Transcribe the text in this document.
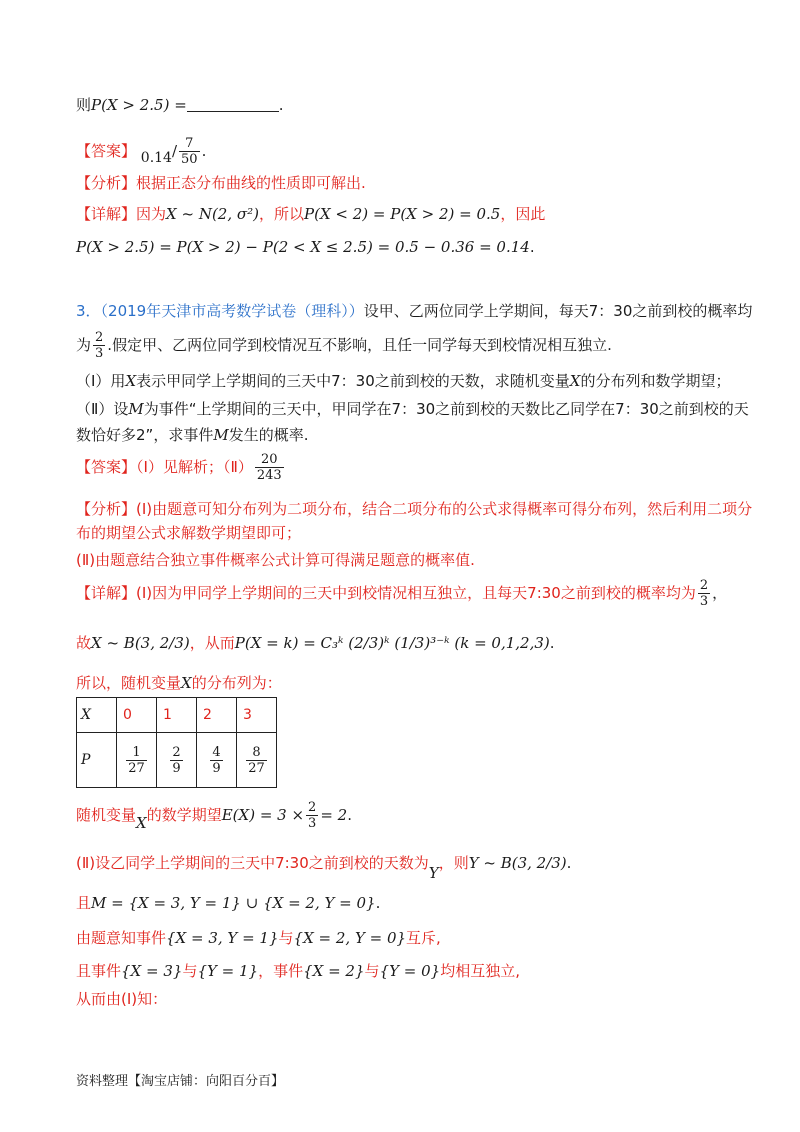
则P(X > 2.5) =	.
【答案】 $0.14/ \frac{7}{50}$ .
【分析】根据正态分布曲线的性质即可解出.
【详解】因为X ~ N(2, σ²)，所以P(X < 2) = P(X > 2) = 0.5，因此
P(X > 2.5) = P(X > 2) − P(2 < X ≤ 2.5) = 0.5 − 0.36 = 0.14.
3．（2019年天津市高考数学试卷（理科））设甲、乙两位同学上学期间，每天7：30之前到校的概率均
为 $\frac{2}{3}$ .假定甲、乙两位同学到校情况互不影响，且任一同学每天到校情况相互独立.
（Ⅰ）用X表示甲同学上学期间的三天中7：30之前到校的天数，求随机变量X的分布列和数学期望；
（Ⅱ）设M为事件“上学期间的三天中，甲同学在7：30之前到校的天数比乙同学在7：30之前到校的天
数恰好多2”，求事件M发生的概率.
【答案】（Ⅰ）见解析；（Ⅱ） $\frac{20}{243}$
【分析】(Ⅰ)由题意可知分布列为二项分布，结合二项分布的公式求得概率可得分布列，然后利用二项分
布的期望公式求解数学期望即可；
(Ⅱ)由题意结合独立事件概率公式计算可得满足题意的概率值.
【详解】(Ⅰ)因为甲同学上学期间的三天中到校情况相互独立，且每天7:30之前到校的概率均为 $\frac{2}{3}$ ，
故X ~ B(3, 2/3)，从而P(X = k) = C₃ᵏ (2/3)ᵏ (1/3)³⁻ᵏ (k = 0,1,2,3).
所以，随机变量X的分布列为：
X	0	1	2	3
P	$\frac{1}{27}$	$\frac{2}{9}$	$\frac{4}{9}$	$\frac{8}{27}$
随机变量X的数学期望$E(X) = 3 \times \frac{2}{3} = 2$.
(Ⅱ)设乙同学上学期间的三天中7:30之前到校的天数为Y，则Y ~ B(3, 2/3).
且M = {X = 3, Y = 1} ∪ {X = 2, Y = 0}.
由题意知事件{X = 3, Y = 1}与{X = 2, Y = 0}互斥,
且事件{X = 3}与{Y = 1}，事件{X = 2}与{Y = 0}均相互独立,
从而由(Ⅰ)知：
资料整理【淘宝店铺：向阳百分百】
